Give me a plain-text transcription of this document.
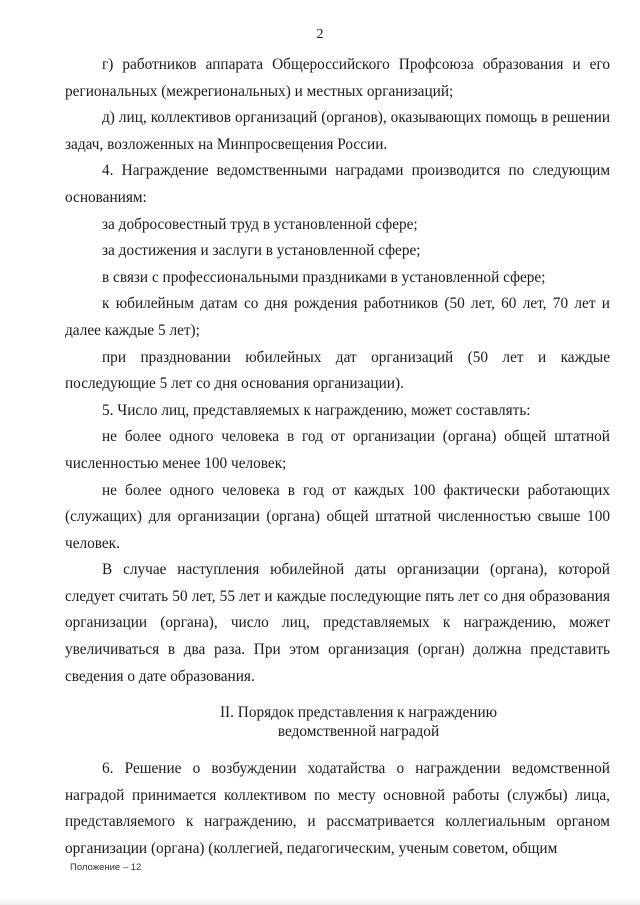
2

г) работников аппарата Общероссийского Профсоюза образования и его региональных (межрегиональных) и местных организаций;

д) лиц, коллективов организаций (органов), оказывающих помощь в решении задач, возложенных на Минпросвещения России.

4. Награждение ведомственными наградами производится по следующим основаниям:

за добросовестный труд в установленной сфере;

за достижения и заслуги в установленной сфере;

в связи с профессиональными праздниками в установленной сфере;

к юбилейным датам со дня рождения работников (50 лет, 60 лет, 70 лет и далее каждые 5 лет);

при праздновании юбилейных дат организаций (50 лет и каждые последующие 5 лет со дня основания организации).

5. Число лиц, представляемых к награждению, может составлять:

не более одного человека в год от организации (органа) общей штатной численностью менее 100 человек;

не более одного человека в год от каждых 100 фактически работающих (служащих) для организации (органа) общей штатной численностью свыше 100 человек.

В случае наступления юбилейной даты организации (органа), которой следует считать 50 лет, 55 лет и каждые последующие пять лет со дня образования организации (органа), число лиц, представляемых к награждению, может увеличиваться в два раза. При этом организация (орган) должна представить сведения о дате образования.

II. Порядок представления к награждению
ведомственной наградой

6. Решение о возбуждении ходатайства о награждении ведомственной наградой принимается коллективом по месту основной работы (службы) лица, представляемого к награждению, и рассматривается коллегиальным органом организации (органа) (коллегией, педагогическим, ученым советом, общим

Положение – 12
